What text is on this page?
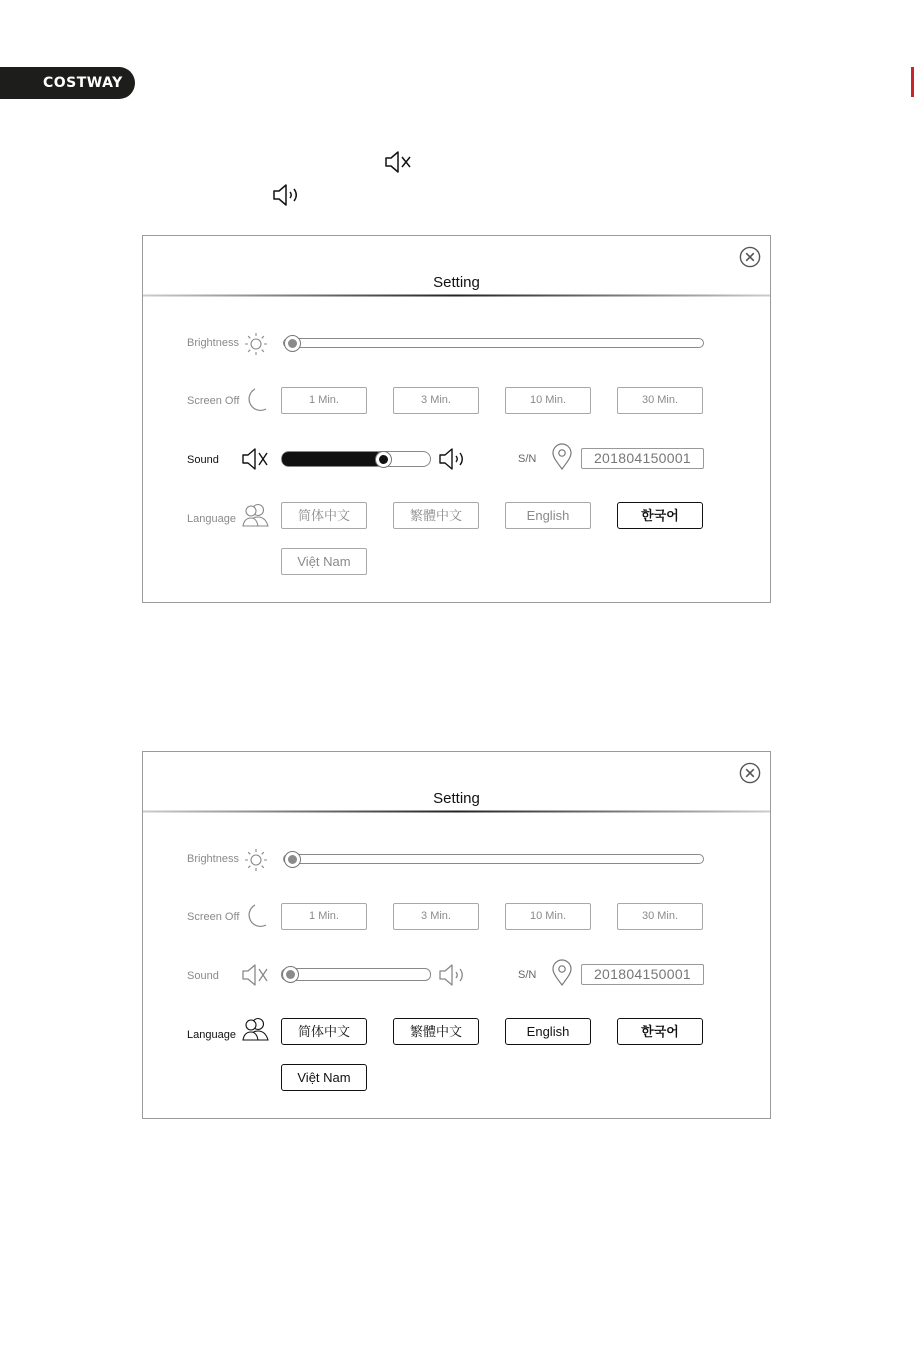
COSTWAY
Setting
Brightness
Screen Off	1 Min.	3 Min.	10 Min.	30 Min.
Sound	S/N	201804150001
Language	简体中文	繁體中文	English	한국어
Việt Nam
Setting
Brightness
Screen Off	1 Min.	3 Min.	10 Min.	30 Min.
Sound	S/N	201804150001
Language	简体中文	繁體中文	English	한국어
Việt Nam
